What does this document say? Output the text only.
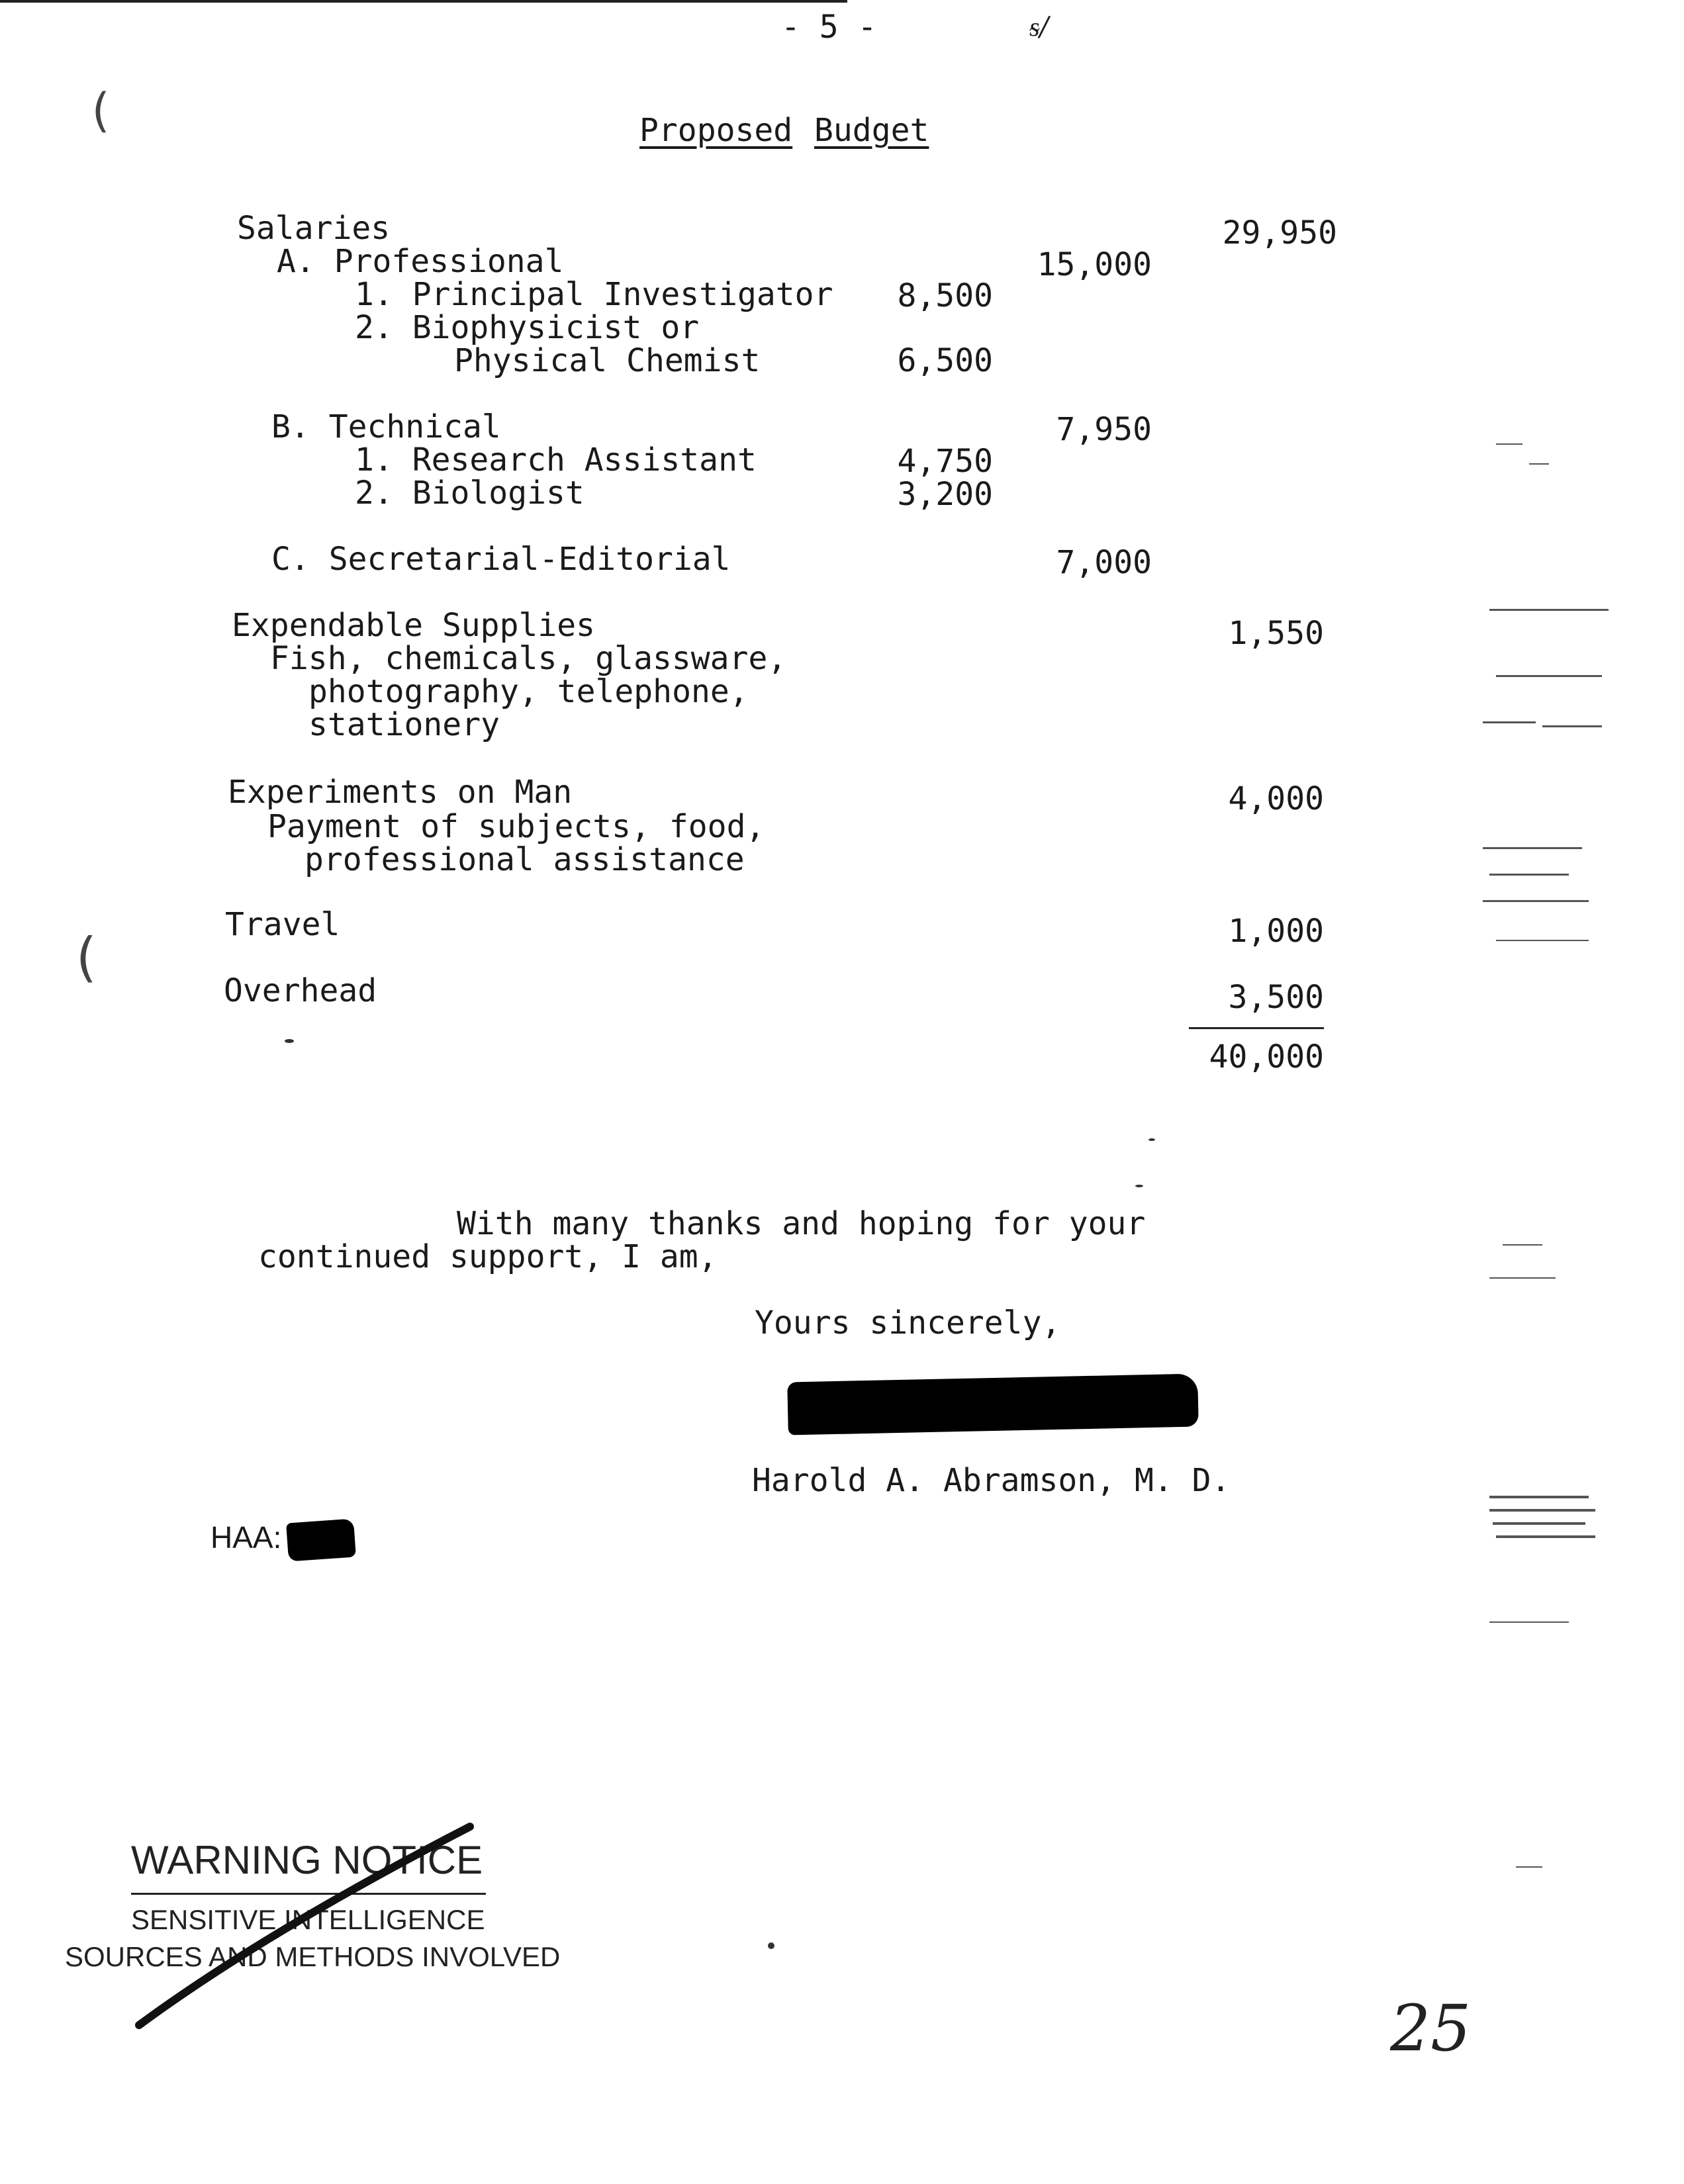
- 5 -	ᵴ/
(
(
Proposed Budget
Salaries	29,950
A. Professional	15,000
1. Principal Investigator	8,500
2. Biophysicist or
Physical Chemist	6,500
B. Technical	7,950
1. Research Assistant	4,750
2. Biologist	3,200
C. Secretarial-Editorial	7,000
Expendable Supplies	1,550
Fish, chemicals, glassware,
photography, telephone,
stationery
Experiments on Man	4,000
Payment of subjects, food,
professional assistance
Travel	1,000
Overhead	3,500
40,000
With many thanks and hoping for your
continued support, I am,
Yours sincerely,
Harold A. Abramson, M. D.
HAA:
WARNING NOTICE
SENSITIVE INTELLIGENCE
SOURCES AND METHODS INVOLVED
25
